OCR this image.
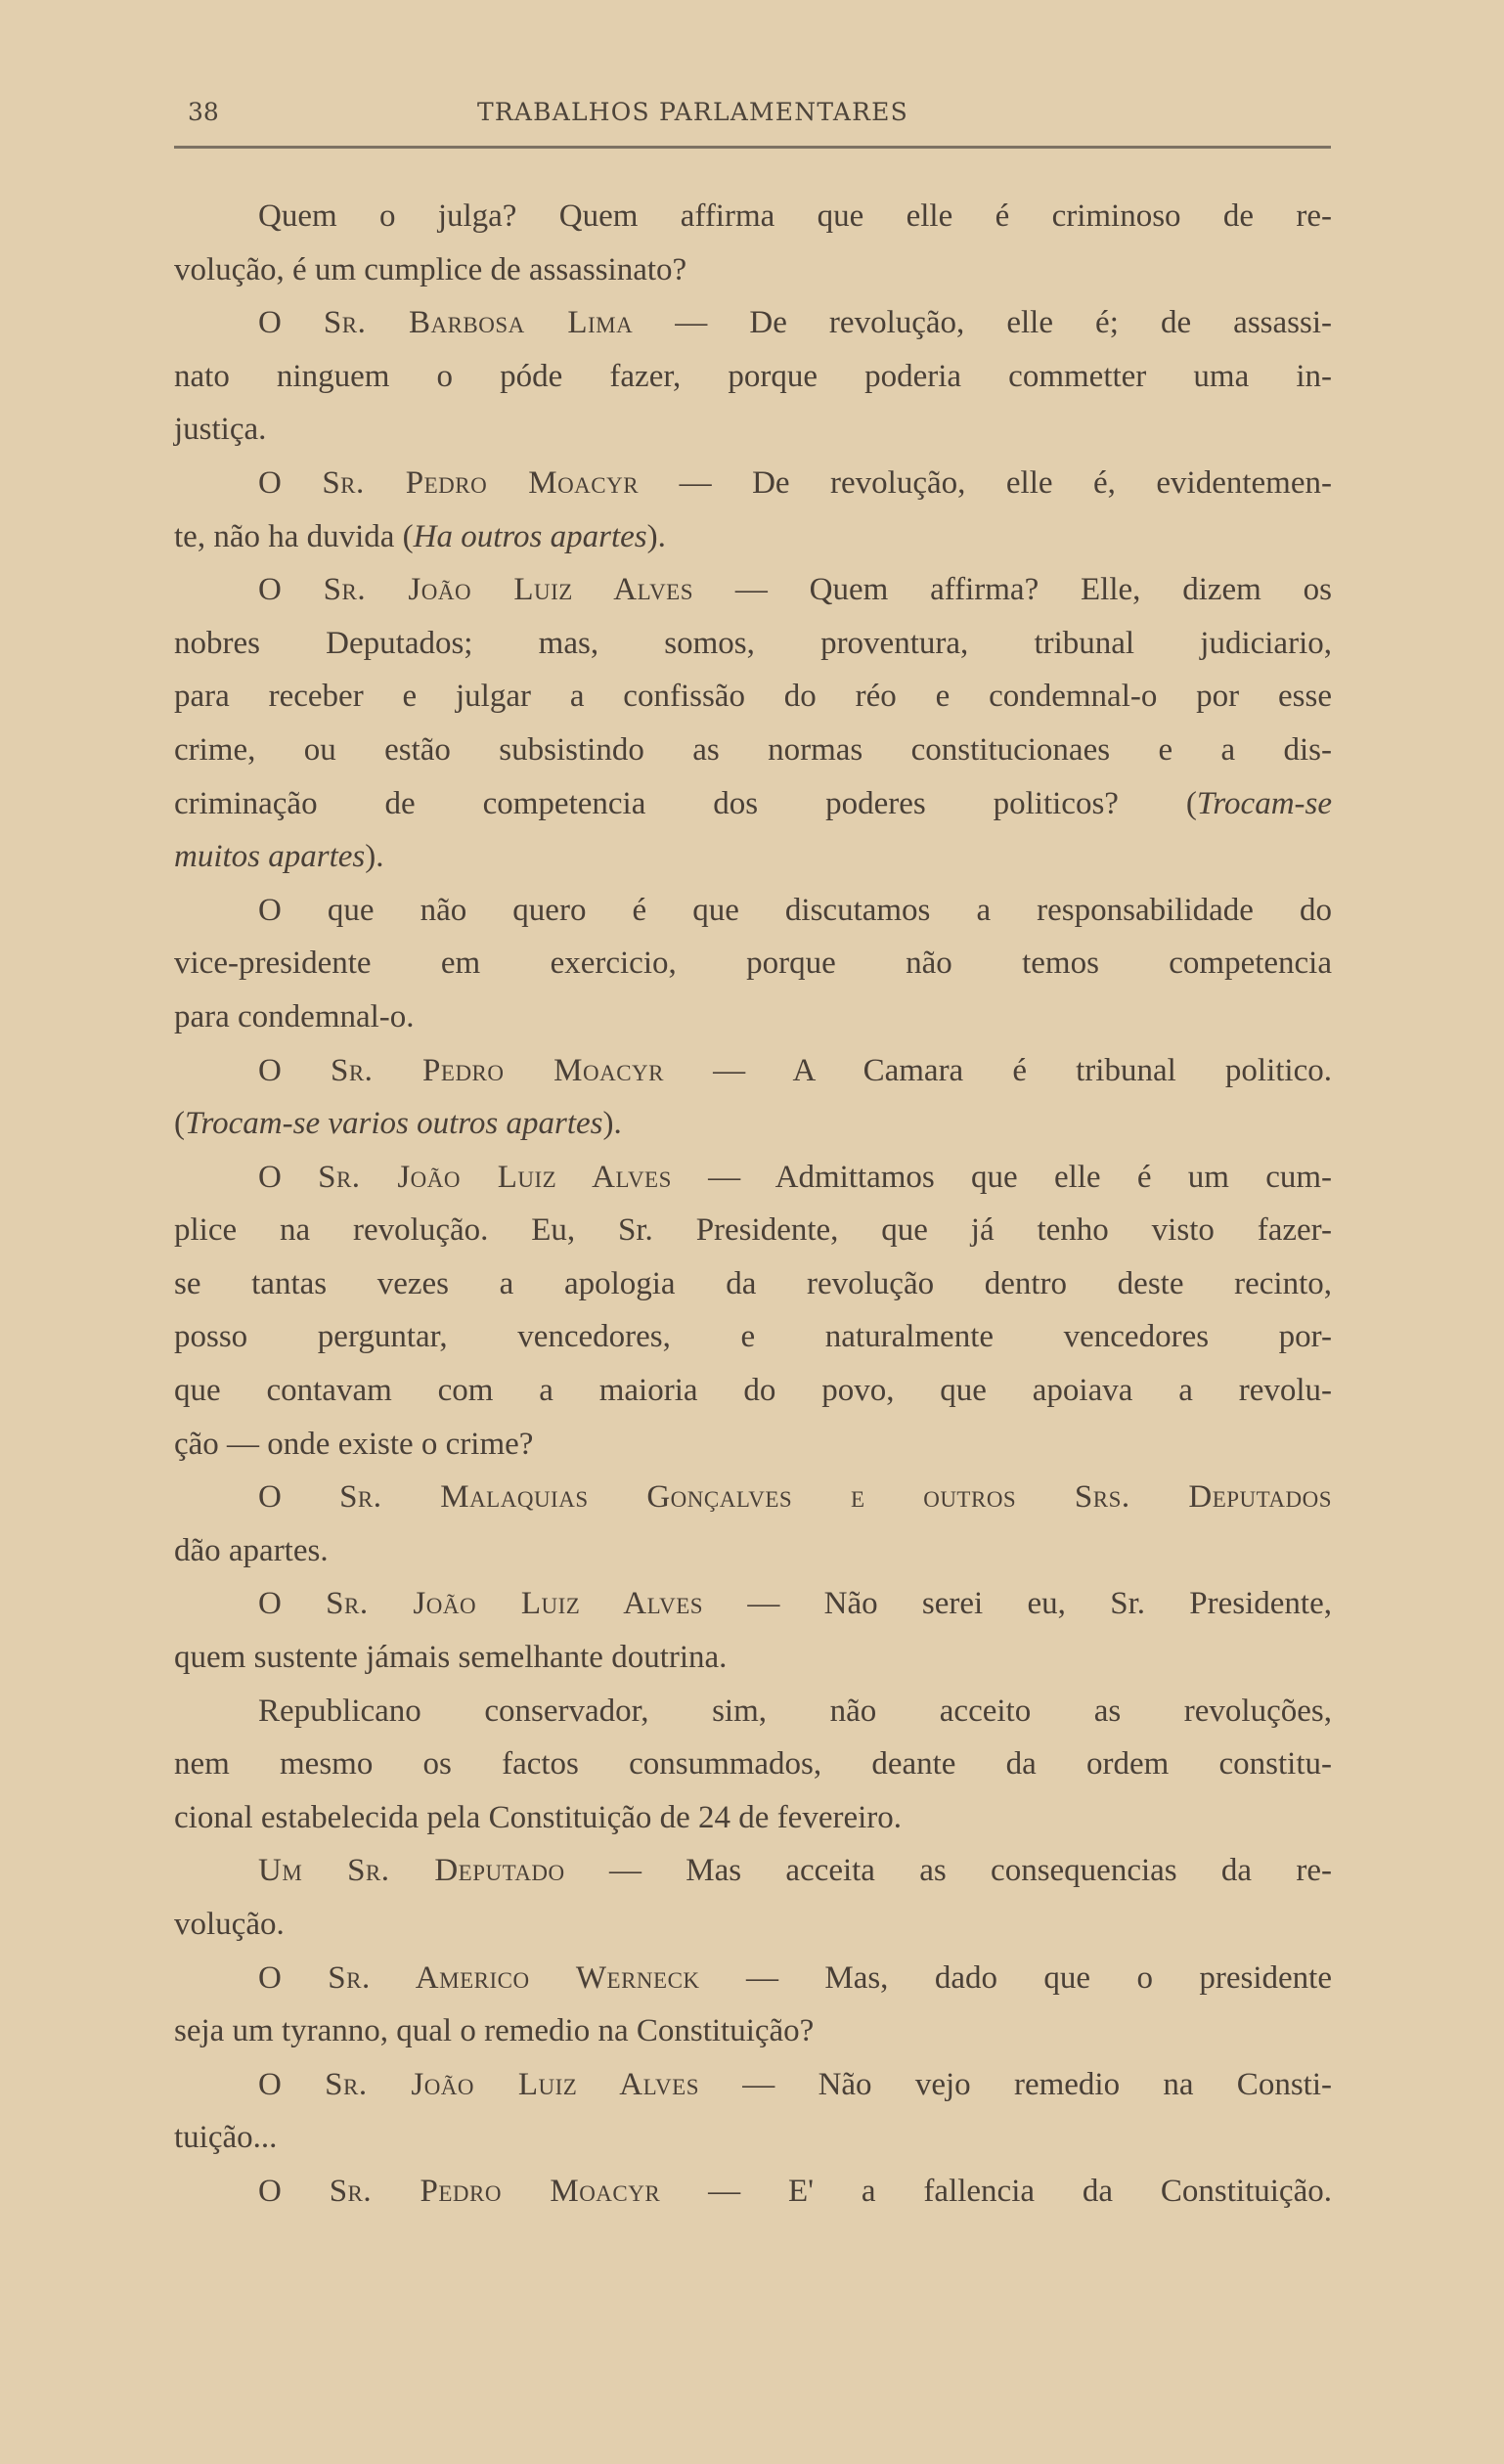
38	TRABALHOS PARLAMENTARES
Quem o julga? Quem affirma que elle é criminoso de re-
volução, é um cumplice de assassinato?
O Sr. Barbosa Lima — De revolução, elle é; de assassi-
nato ninguem o póde fazer, porque poderia commetter uma in-
justiça.
O Sr. Pedro Moacyr — De revolução, elle é, evidentemen-
te, não ha duvida (Ha outros apartes).
O Sr. João Luiz Alves — Quem affirma? Elle, dizem os
nobres Deputados; mas, somos, proventura, tribunal judiciario,
para receber e julgar a confissão do réo e condemnal-o por esse
crime, ou estão subsistindo as normas constitucionaes e a dis-
criminação de competencia dos poderes politicos? (Trocam-se
muitos apartes).
O que não quero é que discutamos a responsabilidade do
vice-presidente em exercicio, porque não temos competencia
para condemnal-o.
O Sr. Pedro Moacyr — A Camara é tribunal politico.
(Trocam-se varios outros apartes).
O Sr. João Luiz Alves — Admittamos que elle é um cum-
plice na revolução. Eu, Sr. Presidente, que já tenho visto fazer-
se tantas vezes a apologia da revolução dentro deste recinto,
posso perguntar, vencedores, e naturalmente vencedores por-
que contavam com a maioria do povo, que apoiava a revolu-
ção — onde existe o crime?
O Sr. Malaquias Gonçalves e outros Srs. Deputados
dão apartes.
O Sr. João Luiz Alves — Não serei eu, Sr. Presidente,
quem sustente jámais semelhante doutrina.
Republicano conservador, sim, não acceito as revoluções,
nem mesmo os factos consummados, deante da ordem constitu-
cional estabelecida pela Constituição de 24 de fevereiro.
Um Sr. Deputado — Mas acceita as consequencias da re-
volução.
O Sr. Americo Werneck — Mas, dado que o presidente
seja um tyranno, qual o remedio na Constituição?
O Sr. João Luiz Alves — Não vejo remedio na Consti-
tuição...
O Sr. Pedro Moacyr — E' a fallencia da Constituição.
